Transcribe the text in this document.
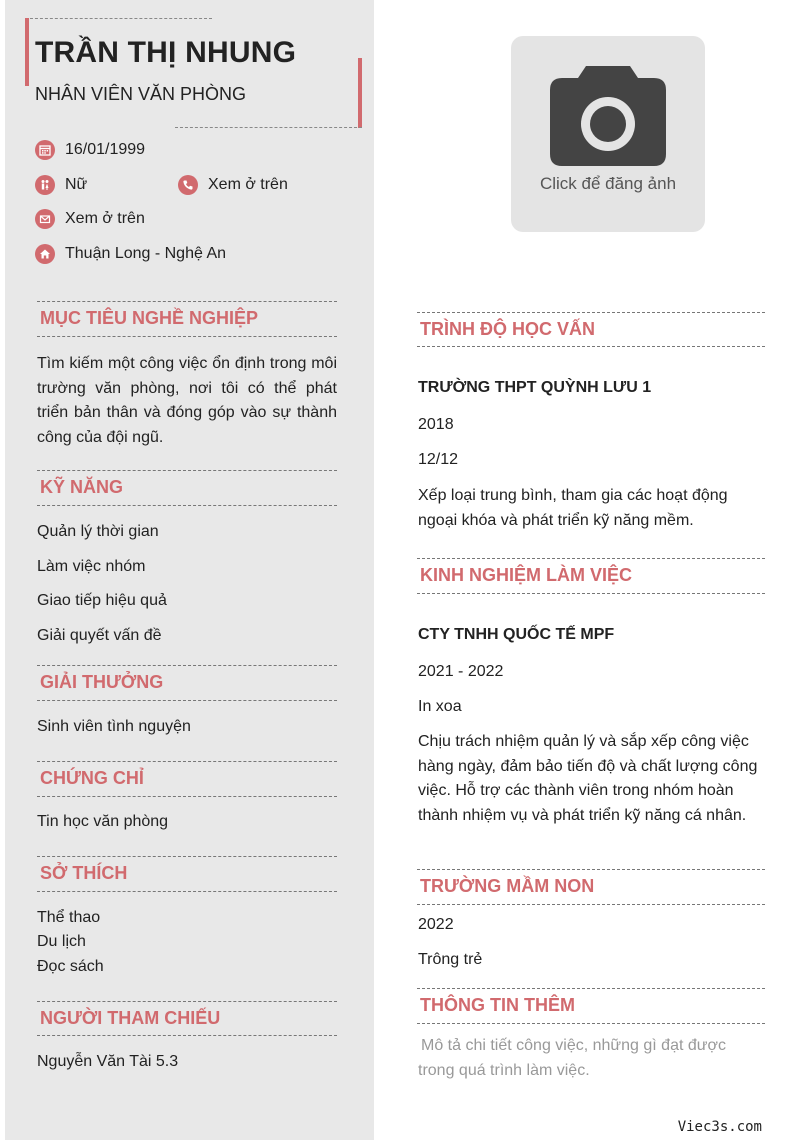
TRẦN THỊ NHUNG
NHÂN VIÊN VĂN PHÒNG
16/01/1999
Nữ	Xem ở trên
Xem ở trên
Thuận Long - Nghệ An
MỤC TIÊU NGHỀ NGHIỆP
Tìm kiếm một công việc ổn định trong môi trường văn phòng, nơi tôi có thể phát triển bản thân và đóng góp vào sự thành công của đội ngũ.
KỸ NĂNG
Quản lý thời gian
Làm việc nhóm
Giao tiếp hiệu quả
Giải quyết vấn đề
GIẢI THƯỞNG
Sinh viên tình nguyện
CHỨNG CHỈ
Tin học văn phòng
SỞ THÍCH
Thể thao
Du lịch
Đọc sách
NGƯỜI THAM CHIẾU
Nguyễn Văn Tài 5.3
Click để đăng ảnh
TRÌNH ĐỘ HỌC VẤN
TRƯỜNG THPT QUỲNH LƯU 1
2018
12/12
Xếp loại trung bình, tham gia các hoạt động ngoại khóa và phát triển kỹ năng mềm.
KINH NGHIỆM LÀM VIỆC
CTY TNHH QUỐC TẾ MPF
2021 - 2022
In xoa
Chịu trách nhiệm quản lý và sắp xếp công việc hàng ngày, đảm bảo tiến độ và chất lượng công việc. Hỗ trợ các thành viên trong nhóm hoàn thành nhiệm vụ và phát triển kỹ năng cá nhân.
TRƯỜNG MẦM NON
2022
Trông trẻ
THÔNG TIN THÊM
Mô tả chi tiết công việc, những gì đạt được trong quá trình làm việc.
Viec3s.com
